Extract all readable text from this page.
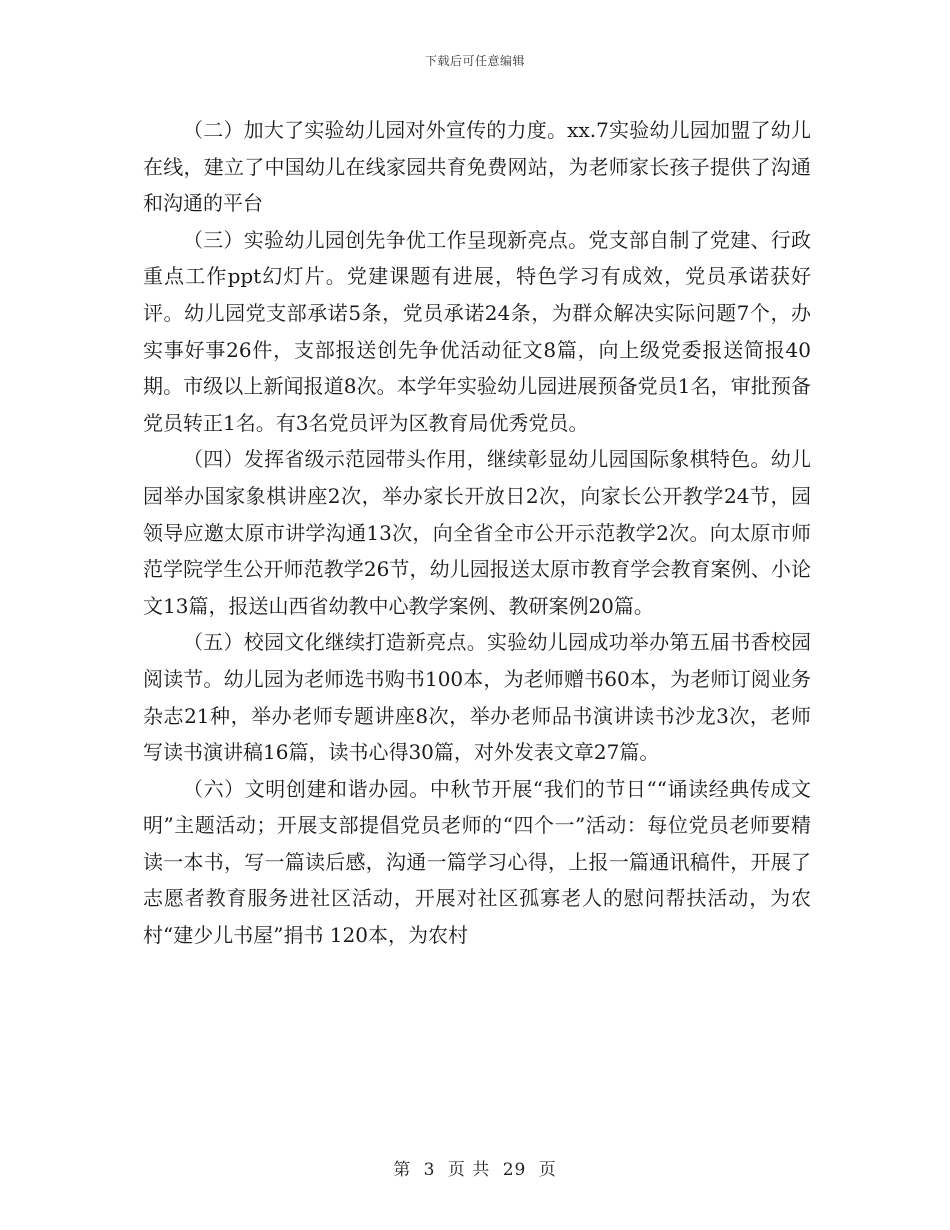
下载后可任意编辑

（二）加大了实验幼儿园对外宣传的力度。xx.7实验幼儿园加盟了幼儿在线，建立了中国幼儿在线家园共育免费网站，为老师家长孩子提供了沟通和沟通的平台

（三）实验幼儿园创先争优工作呈现新亮点。党支部自制了党建、行政重点工作ppt幻灯片。党建课题有进展，特色学习有成效，党员承诺获好评。幼儿园党支部承诺5条，党员承诺24条，为群众解决实际问题7个，办实事好事26件，支部报送创先争优活动征文8篇，向上级党委报送简报40期。市级以上新闻报道8次。本学年实验幼儿园进展预备党员1名，审批预备党员转正1名。有3名党员评为区教育局优秀党员。

（四）发挥省级示范园带头作用，继续彰显幼儿园国际象棋特色。幼儿园举办国家象棋讲座2次，举办家长开放日2次，向家长公开教学24节，园领导应邀太原市讲学沟通13次，向全省全市公开示范教学2次。向太原市师范学院学生公开师范教学26节，幼儿园报送太原市教育学会教育案例、小论文13篇，报送山西省幼教中心教学案例、教研案例20篇。

（五）校园文化继续打造新亮点。实验幼儿园成功举办第五届书香校园阅读节。幼儿园为老师选书购书100本，为老师赠书60本，为老师订阅业务杂志21种，举办老师专题讲座8次，举办老师品书演讲读书沙龙3次，老师写读书演讲稿16篇，读书心得30篇，对外发表文章27篇。

（六）文明创建和谐办园。中秋节开展“我们的节日““诵读经典传成文明”主题活动；开展支部提倡党员老师的“四个一”活动：每位党员老师要精读一本书，写一篇读后感，沟通一篇学习心得，上报一篇通讯稿件，开展了志愿者教育服务进社区活动，开展对社区孤寡老人的慰问帮扶活动，为农村“建少儿书屋”捐书 120本，为农村

第 3 页 共 29 页
